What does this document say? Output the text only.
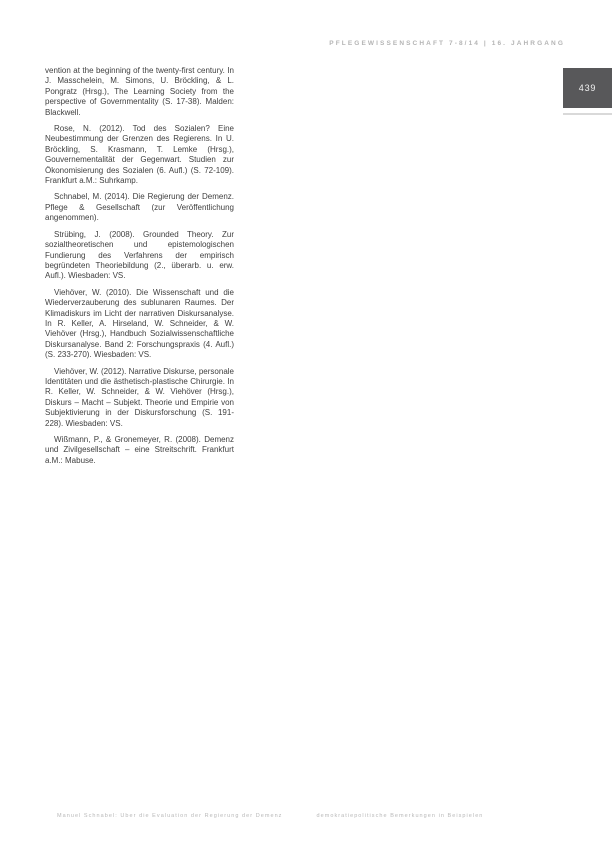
PFLEGEWISSENSCHAFT 7-8/14 | 16. JAHRGANG
439

vention at the beginning of the twenty-first century. In J. Masschelein, M. Simons, U. Bröckling, & L. Pongratz (Hrsg.), The Learning Society from the perspective of Governmentality (S. 17-38). Malden: Blackwell.

Rose, N. (2012). Tod des Sozialen? Eine Neubestimmung der Grenzen des Regierens. In U. Bröckling, S. Krasmann, T. Lemke (Hrsg.), Gouvernementalität der Gegenwart. Studien zur Ökonomisierung des Sozialen (6. Aufl.) (S. 72-109). Frankfurt a.M.: Suhrkamp.

Schnabel, M. (2014). Die Regierung der Demenz. Pflege & Gesellschaft (zur Veröffentlichung angenommen).

Strübing, J. (2008). Grounded Theory. Zur sozialtheoretischen und epistemologischen Fundierung des Verfahrens der empirisch begründeten Theoriebildung (2., überarb. u. erw. Aufl.). Wiesbaden: VS.

Viehöver, W. (2010). Die Wissenschaft und die Wiederverzauberung des sublunaren Raumes. Der Klimadiskurs im Licht der narrativen Diskursanalyse. In R. Keller, A. Hirseland, W. Schneider, & W. Viehöver (Hrsg.), Handbuch Sozialwissenschaftliche Diskursanalyse. Band 2: Forschungspraxis (4. Aufl.) (S. 233-270). Wiesbaden: VS.

Viehöver, W. (2012). Narrative Diskurse, personale Identitäten und die ästhetisch-plastische Chirurgie. In R. Keller, W. Schneider, & W. Viehöver (Hrsg.), Diskurs – Macht – Subjekt. Theorie und Empirie von Subjektivierung in der Diskursforschung (S. 191-228). Wiesbaden: VS.

Wißmann, P., & Gronemeyer, R. (2008). Demenz und Zivilgesellschaft – eine Streitschrift. Frankfurt a.M.: Mabuse.

Manuel Schnabel: Über die Evaluation der Regierung der Demenz	demokratiepolitische Bemerkungen in Beispielen
